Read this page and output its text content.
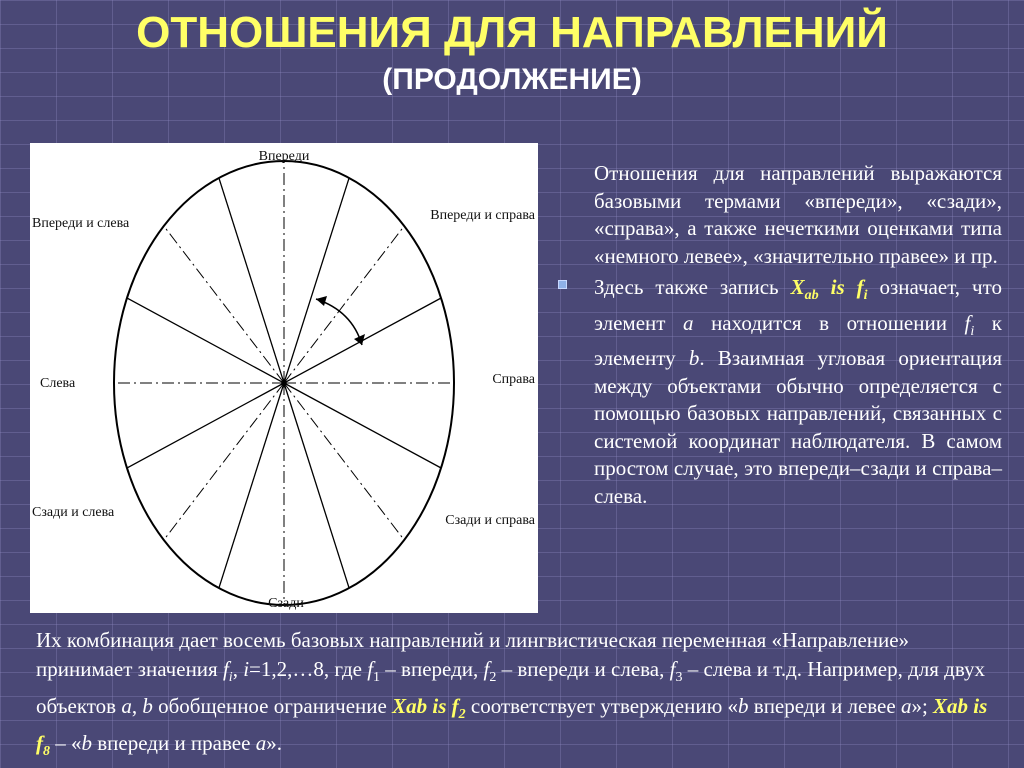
ОТНОШЕНИЯ ДЛЯ НАПРАВЛЕНИЙ
(ПРОДОЛЖЕНИЕ)
Впереди
Впереди и слева
Впереди и справа
Слева	Справа
Сзади и слева
Сзади и справа
Сзади

Отношения для направлений выражаются базовыми термами «впереди», «сзади», «справа», а также нечеткими оценками типа «немного левее», «значительно правее» и пр.

Здесь также запись $X_{ab}$ is $f_i$ означает, что элемент a находится в отношении $f_i$ к элементу b. Взаимная угловая ориентация между объектами обычно определяется с помощью базовых направлений, связанных с системой координат наблюдателя. В самом простом случае, это впереди–сзади и справа–слева.

Их комбинация дает восемь базовых направлений и лингвистическая переменная «Направление» принимает значения $f_i$, i=1,2,…8, где $f_1$ – впереди, $f_2$ – впереди и слева, $f_3$ – слева и т.д. Например, для двух объектов a, b обобщенное ограничение Xab is $f_2$ соответствует утверждению «b впереди и левее a»; Xab is $f_8$ – «b впереди и правее a».
